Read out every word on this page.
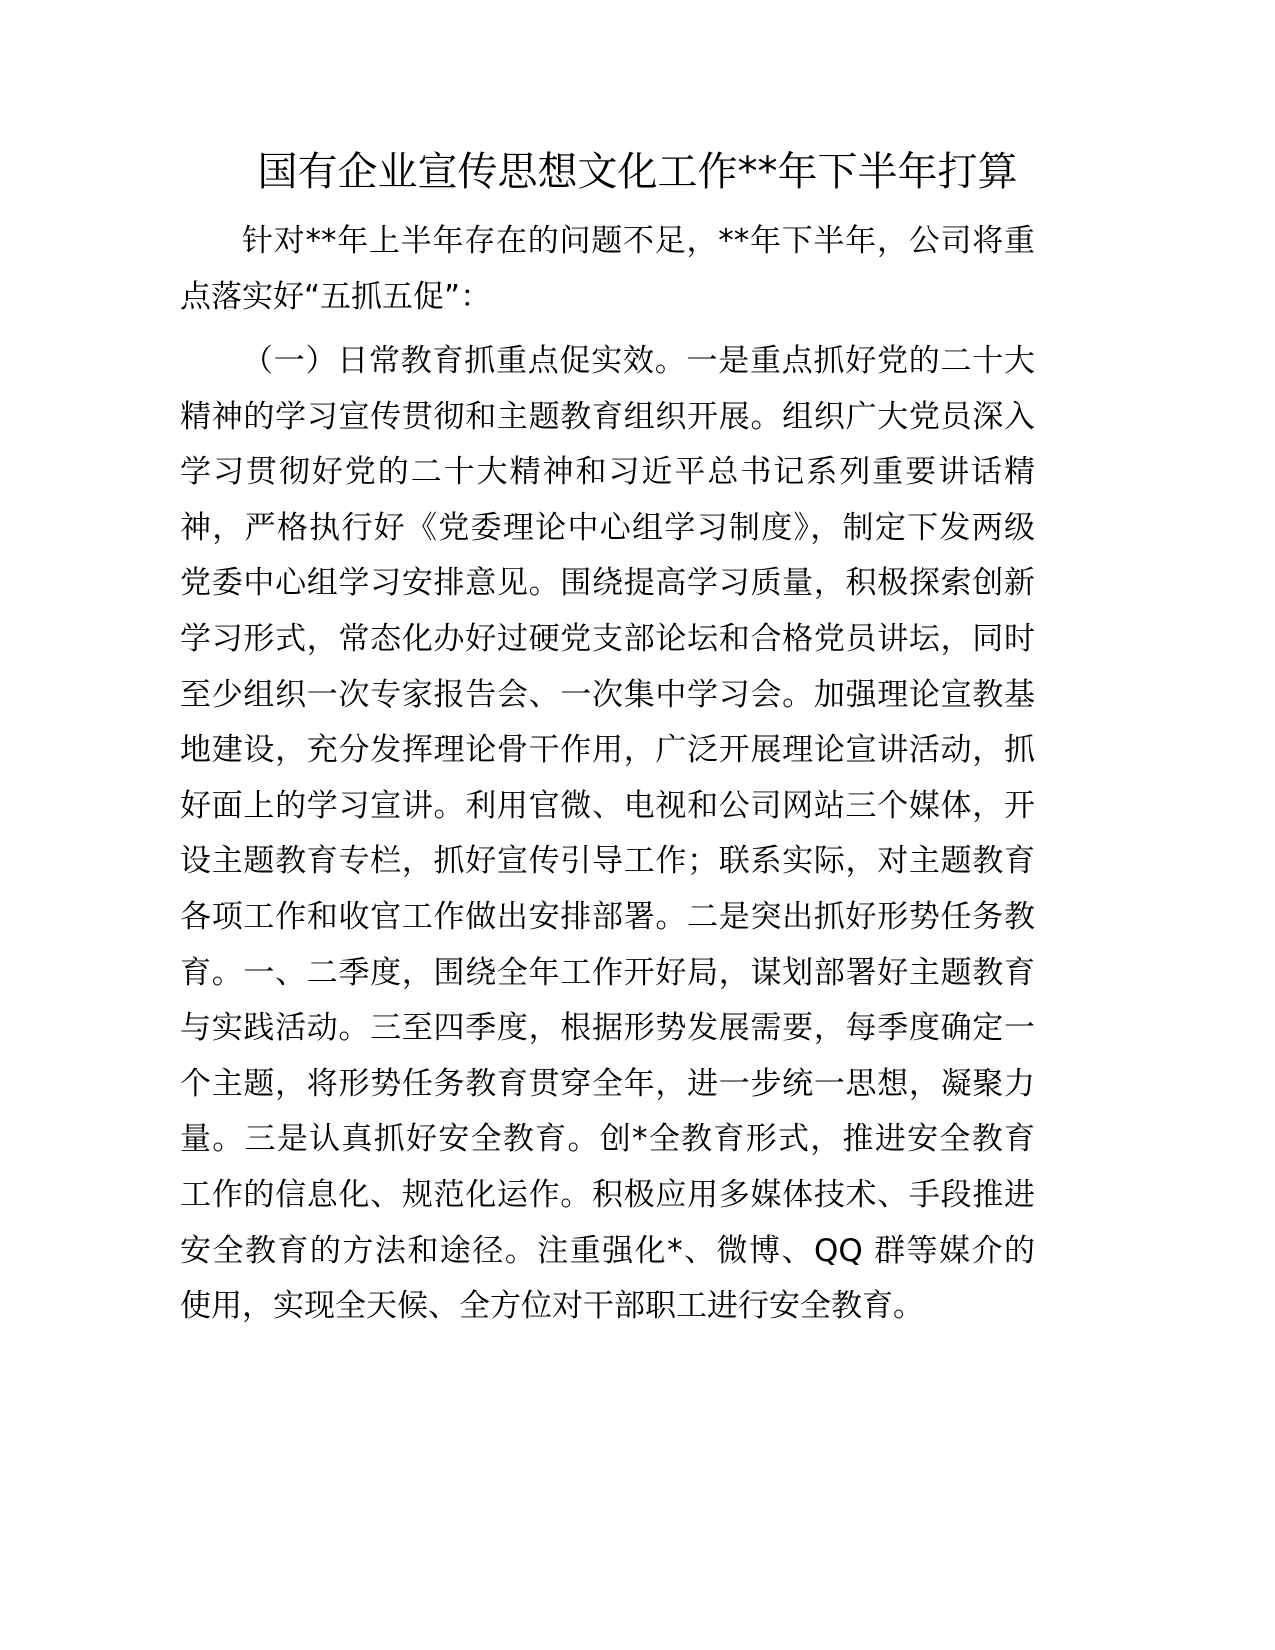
国有企业宣传思想文化工作**年下半年打算
针对**年上半年存在的问题不足，**年下半年，公司将重
点落实好“五抓五促”：
（一）日常教育抓重点促实效。一是重点抓好党的二十大
精神的学习宣传贯彻和主题教育组织开展。组织广大党员深入
学习贯彻好党的二十大精神和习近平总书记系列重要讲话精
神，严格执行好《党委理论中心组学习制度》，制定下发两级
党委中心组学习安排意见。围绕提高学习质量，积极探索创新
学习形式，常态化办好过硬党支部论坛和合格党员讲坛，同时
至少组织一次专家报告会、一次集中学习会。加强理论宣教基
地建设，充分发挥理论骨干作用，广泛开展理论宣讲活动，抓
好面上的学习宣讲。利用官微、电视和公司网站三个媒体，开
设主题教育专栏，抓好宣传引导工作；联系实际，对主题教育
各项工作和收官工作做出安排部署。二是突出抓好形势任务教
育。一、二季度，围绕全年工作开好局，谋划部署好主题教育
与实践活动。三至四季度，根据形势发展需要，每季度确定一
个主题，将形势任务教育贯穿全年，进一步统一思想，凝聚力
量。三是认真抓好安全教育。创*全教育形式，推进安全教育
工作的信息化、规范化运作。积极应用多媒体技术、手段推进
安全教育的方法和途径。注重强化*、微博、QQ 群等媒介的
使用，实现全天候、全方位对干部职工进行安全教育。
